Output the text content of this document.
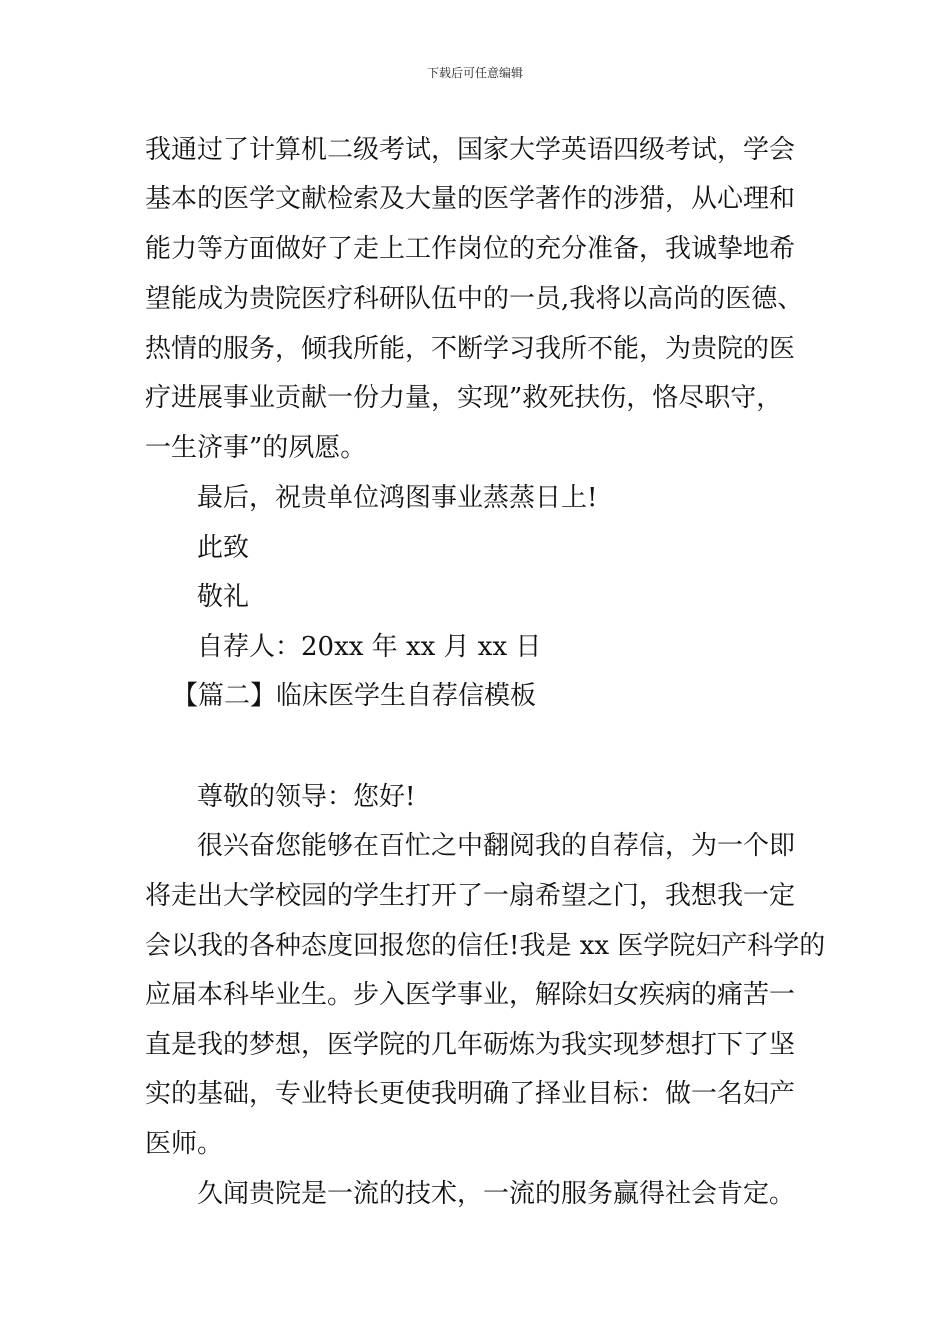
下载后可任意编辑
我通过了计算机二级考试，国家大学英语四级考试，学会
基本的医学文献检索及大量的医学著作的涉猎，从心理和
能力等方面做好了走上工作岗位的充分准备，我诚挚地希
望能成为贵院医疗科研队伍中的一员,我将以高尚的医德、
热情的服务，倾我所能，不断学习我所不能，为贵院的医
疗进展事业贡献一份力量，实现”救死扶伤，恪尽职守，
一生济事”的夙愿。
最后，祝贵单位鸿图事业蒸蒸日上!
此致
敬礼
自荐人：20xx 年 xx 月 xx 日
【篇二】临床医学生自荐信模板
尊敬的领导：您好!
很兴奋您能够在百忙之中翻阅我的自荐信，为一个即
将走出大学校园的学生打开了一扇希望之门，我想我一定
会以我的各种态度回报您的信任!我是 xx 医学院妇产科学的
应届本科毕业生。步入医学事业，解除妇女疾病的痛苦一
直是我的梦想，医学院的几年砺炼为我实现梦想打下了坚
实的基础，专业特长更使我明确了择业目标：做一名妇产
医师。
久闻贵院是一流的技术，一流的服务赢得社会肯定。
